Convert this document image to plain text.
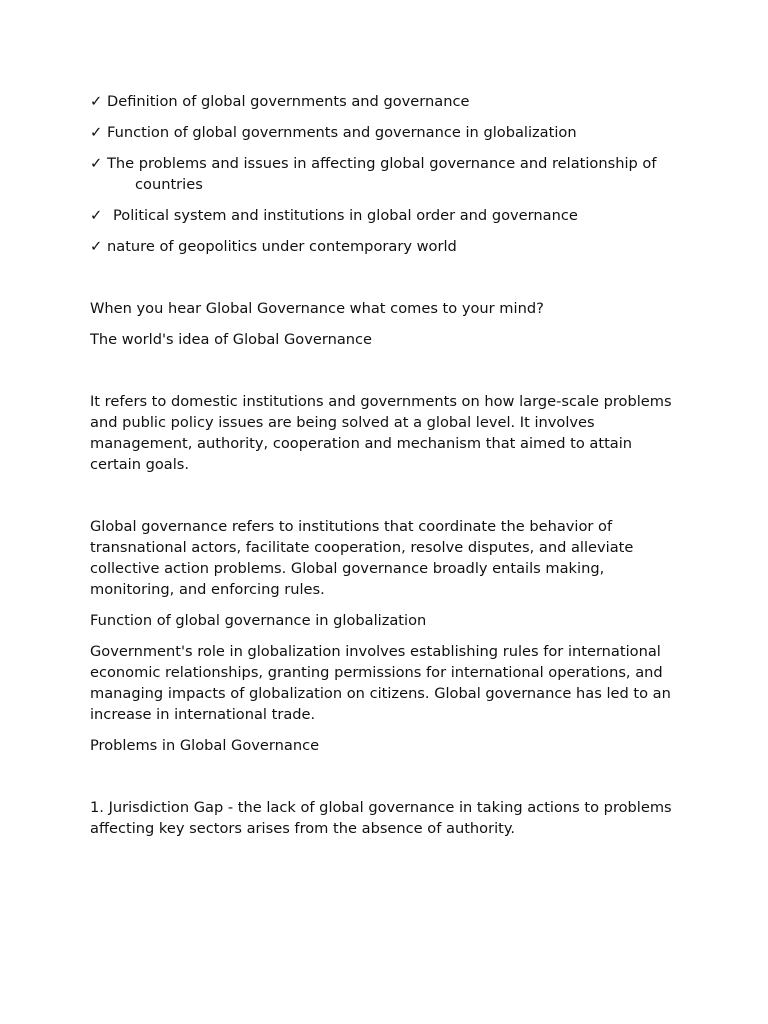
✓ Definition of global governments and governance
✓ Function of global governments and governance in globalization
✓ The problems and issues in affecting global governance and relationship of
countries
✓ Political system and institutions in global order and governance
✓ nature of geopolitics under contemporary world

When you hear Global Governance what comes to your mind?

The world's idea of Global Governance

It refers to domestic institutions and governments on how large-scale problems and public policy issues are being solved at a global level. It involves management, authority, cooperation and mechanism that aimed to attain certain goals.

Global governance refers to institutions that coordinate the behavior of transnational actors, facilitate cooperation, resolve disputes, and alleviate collective action problems. Global governance broadly entails making, monitoring, and enforcing rules.

Function of global governance in globalization

Government's role in globalization involves establishing rules for international economic relationships, granting permissions for international operations, and managing impacts of globalization on citizens. Global governance has led to an increase in international trade.

Problems in Global Governance

1. Jurisdiction Gap - the lack of global governance in taking actions to problems affecting key sectors arises from the absence of authority.
